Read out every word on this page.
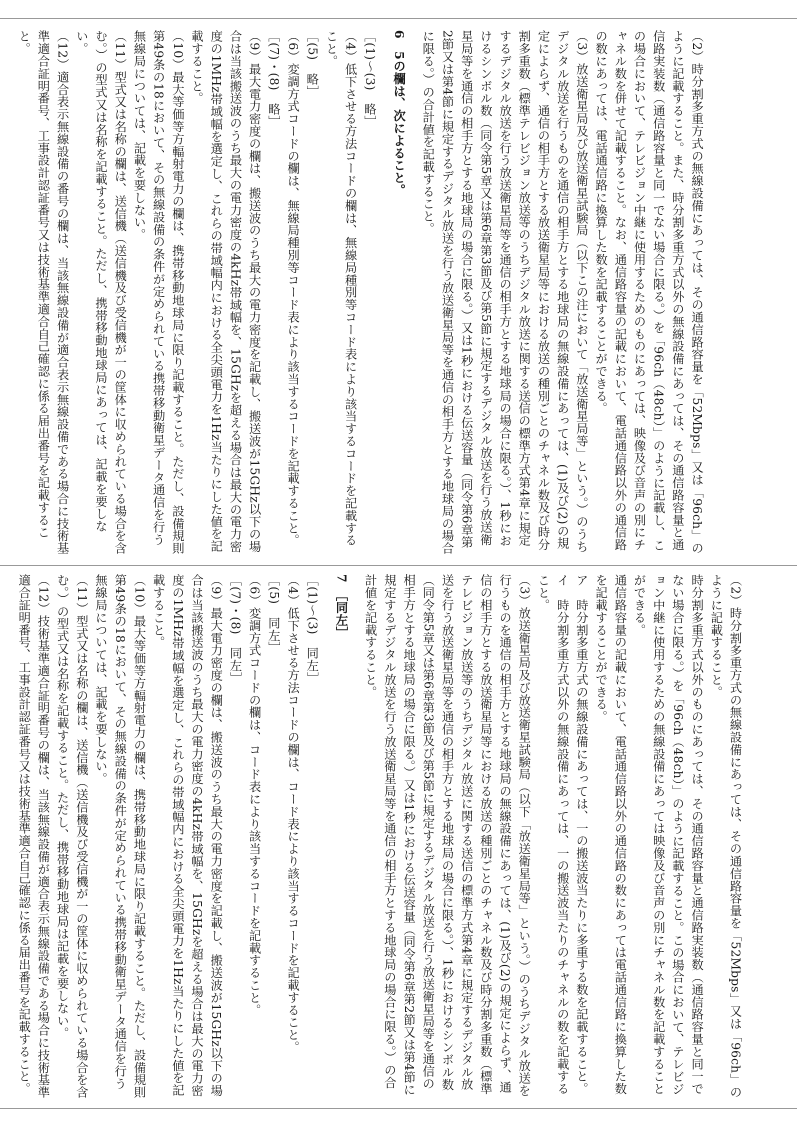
（2）時分割多重方式の無線設備にあっては、その通信路容量を「52Mbps」又は「96ch」のように記載すること。また、時分割多重方式以外の無線設備にあっては、その通信路容量と通信路実装数（通信路容量と同一でない場合に限る。）を「96ch（48ch）」のように記載し、この場合において、テレビジョン中継に使用するためのものにあっては、映像及び音声の別にチャネル数を併せて記載すること。なお、通信路容量の記載において、電話通信路以外の通信路の数にあっては、電話通信路に換算した数を記載することができる。

（3）放送衛星局及び放送衛星試験局（以下この注において「放送衛星局等」という。）のうちデジタル放送を行うものを通信の相手方とする地球局の無線設備にあっては、(1)及び(2)の規定によらず、通信の相手方とする放送衛星局等における放送の種別ごとのチャネル数及び時分割多重数（標準テレビジョン放送等のうちデジタル放送に関する送信の標準方式第4章に規定するデジタル放送を行う放送衛星局等を通信の相手方とする地球局の場合に限る。）、1秒におけるシンボル数（同令第5章又は第6章第3節及び第5節に規定するデジタル放送を行う放送衛星局等を通信の相手方とする地球局の場合に限る。）又は1秒における伝送容量（同令第6章第2節又は第4節に規定するデジタル放送を行う放送衛星局等を通信の相手方とする地球局の場合に限る。）の合計値を記載すること。

6　5の欄は、次によること。

［(1)〜(3)　略］

（4）低下させる方法コードの欄は、無線局種別等コード表により該当するコードを記載すること。

［(5)　略］

（6）変調方式コードの欄は、無線局種別等コード表により該当するコードを記載すること。

［(7)・(8)　略］

（9）最大電力密度の欄は、搬送波のうち最大の電力密度を記載し、搬送波が15GHz以下の場合は当該搬送波のうち最大の電力密度の4kHz帯域幅を、15GHzを超える場合は最大の電力密度の1MHz帯域幅を選定し、これらの帯域幅内における全尖頭電力を1Hz当たりにした値を記載すること。

（10）最大等価等方輻射電力の欄は、携帯移動地球局に限り記載すること。ただし、設備規則第49条の18において、その無線設備の条件が定められている携帯移動衛星データ通信を行う無線局については、記載を要しない。

（11）型式又は名称の欄は、送信機（送信機及び受信機が一の筐体に収められている場合を含む。）の型式又は名称を記載すること。ただし、携帯移動地球局にあっては、記載を要しない。

（12）適合表示無線設備の番号の欄は、当該無線設備が適合表示無線設備である場合に技術基準適合証明番号、工事設計認証番号又は技術基準適合自己確認に係る届出番号を記載すること。

（2）時分割多重方式の無線設備にあっては、その通信路容量を「52Mbps」又は「96ch」のように記載すること。

時分割多重方式以外のものにあっては、その通信路容量と通信路実装数（通信路容量と同一でない場合に限る。）を「96ch（48ch）」のように記載すること。この場合において、テレビジョン中継に使用するための無線設備にあっては映像及び音声の別にチャネル数を記載することができる。

通信路容量の記載において、電話通信路以外の通信路の数にあっては電話通信路に換算した数を記載することができる。

ア　時分割多重方式の無線設備にあっては、一の搬送波当たりに多重する数を記載すること。

イ　時分割多重方式以外の無線設備にあっては、一の搬送波当たりのチャネルの数を記載すること。

（3）放送衛星局及び放送衛星試験局（以下「放送衛星局等」という。）のうちデジタル放送を行うものを通信の相手方とする地球局の無線設備にあっては、(1)及び(2)の規定によらず、通信の相手方とする放送衛星局等における放送の種別ごとのチャネル数及び時分割多重数（標準テレビジョン放送等のうちデジタル放送に関する送信の標準方式第4章に規定するデジタル放送を行う放送衛星局等を通信の相手方とする地球局の場合に限る。）、1秒におけるシンボル数（同令第5章又は第6章第3節及び第5節に規定するデジタル放送を行う放送衛星局等を通信の相手方とする地球局の場合に限る。）又は1秒における伝送容量（同令第6章第2節又は第4節に規定するデジタル放送を行う放送衛星局等を通信の相手方とする地球局の場合に限る。）の合計値を記載すること。

7　［同左］

［(1)〜(3)　同左］

（4）低下させる方法コードの欄は、コード表により該当するコードを記載すること。

［(5)　同左］

（6）変調方式コードの欄は、コード表により該当するコードを記載すること。

［(7)・(8)　同左］

（9）最大電力密度の欄は、搬送波のうち最大の電力密度を記載し、搬送波が15GHz以下の場合は当該搬送波のうち最大の電力密度の4kHz帯域幅を、15GHzを超える場合は最大の電力密度の1MHz帯域幅を選定し、これらの帯域幅内における全尖頭電力を1Hz当たりにした値を記載すること。

（10）最大等価等方輻射電力の欄は、携帯移動地球局に限り記載すること。ただし、設備規則第49条の18において、その無線設備の条件が定められている携帯移動衛星データ通信を行う無線局については、記載を要しない。

（11）型式又は名称の欄は、送信機（送信機及び受信機が一の筐体に収められている場合を含む。）の型式又は名称を記載すること。ただし、携帯移動地球局は記載を要しない。

（12）技術基準適合証明番号の欄は、当該無線設備が適合表示無線設備である場合に技術基準適合証明番号、工事設計認証番号又は技術基準適合自己確認に係る届出番号を記載すること。
